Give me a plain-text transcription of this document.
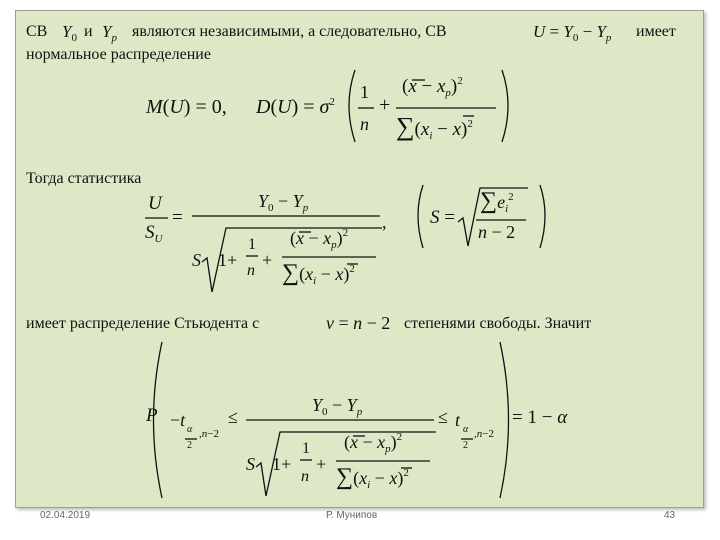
СВ $Y_0$ и $Y_p$ являются независимыми, а следовательно, СВ	$U = Y_0 - Y_p$ имеет
нормальное распределение
M(U) = 0, $D(U) = \sigma^2$ 1
n
+
$(x - x_p)^2$
$\sum(x_i - x)^2$
Тогда статистика
U
$S_U$
=
$Y_0 - Y_p$
S 1+
1
n
+
$(x - x_p)^2$
$\sum(x_i - x)^2$
, S =
$\sum e_i^2$
n − 2
имеет распределение Стьюдента с	ν = n − 2 степенями свободы. Значит
P −t α
2
,n−2
≤
$Y_0 - Y_p$
S 1+
1
n
+
$(x - x_p)^2$
$\sum(x_i - x)^2$
≤ t α
2
,n−2
= 1 − α
02.04.2019	Р. Мунипов	43
